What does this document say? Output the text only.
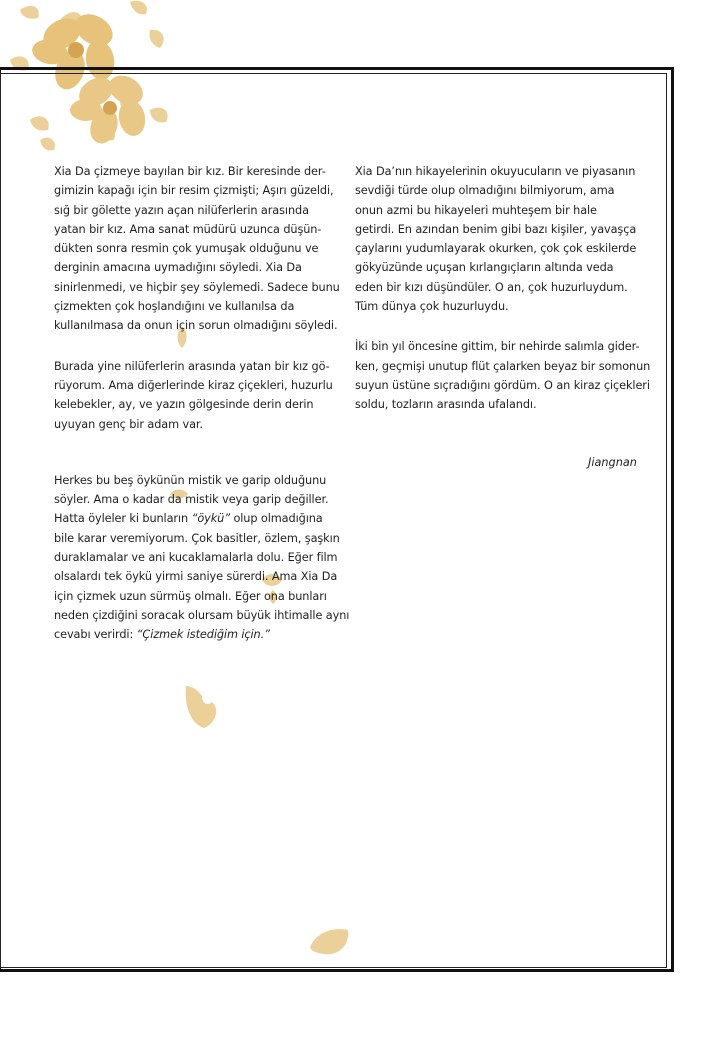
Xia Da çizmeye bayılan bir kız. Bir keresinde der-
gimizin kapağı için bir resim çizmişti; Aşırı güzeldi,
sığ bir gölette yazın açan nilüferlerin arasında
yatan bir kız. Ama sanat müdürü uzunca düşün-
dükten sonra resmin çok yumuşak olduğunu ve
derginin amacına uymadığını söyledi. Xia Da
sinirlenmedi, ve hiçbir şey söylemedi. Sadece bunu
çizmekten çok hoşlandığını ve kullanılsa da
kullanılmasa da onun için sorun olmadığını söyledi.

Burada yine nilüferlerin arasında yatan bir kız gö-
rüyorum. Ama diğerlerinde kiraz çiçekleri, huzurlu
kelebekler, ay, ve yazın gölgesinde derin derin
uyuyan genç bir adam var.

Herkes bu beş öykünün mistik ve garip olduğunu
söyler. Ama o kadar da mistik veya garip değiller.
Hatta öyleler ki bunların “öykü” olup olmadığına
bile karar veremiyorum. Çok basitler, özlem, şaşkın
duraklamalar ve ani kucaklamalarla dolu. Eğer film
olsalardı tek öykü yirmi saniye sürerdi. Ama Xia Da
için çizmek uzun sürmüş olmalı. Eğer ona bunları
neden çizdiğini soracak olursam büyük ihtimalle aynı
cevabı verirdi: “Çizmek istediğim için.”

Xia Da’nın hikayelerinin okuyucuların ve piyasanın
sevdiği türde olup olmadığını bilmiyorum, ama
onun azmi bu hikayeleri muhteşem bir hale
getirdi. En azından benim gibi bazı kişiler, yavaşça
çaylarını yudumlayarak okurken, çok çok eskilerde
gökyüzünde uçuşan kırlangıçların altında veda
eden bir kızı düşündüler. O an, çok huzurluydum.
Tüm dünya çok huzurluydu.

İki bin yıl öncesine gittim, bir nehirde salımla gider-
ken, geçmişi unutup flüt çalarken beyaz bir somonun
suyun üstüne sıçradığını gördüm. O an kiraz çiçekleri
soldu, tozların arasında ufalandı.

Jiangnan
